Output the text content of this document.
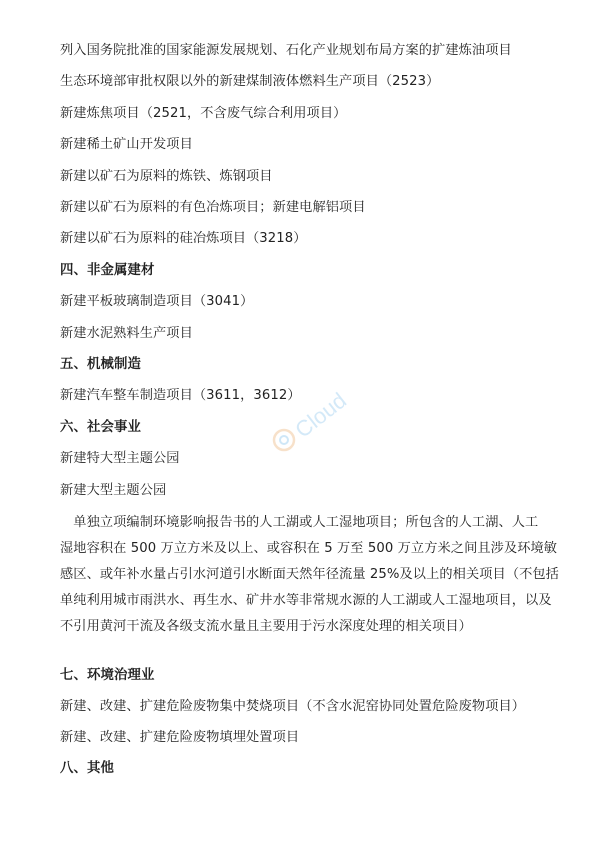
列入国务院批准的国家能源发展规划、石化产业规划布局方案的扩建炼油项目
生态环境部审批权限以外的新建煤制液体燃料生产项目（2523）
新建炼焦项目（2521，不含废气综合利用项目）
新建稀土矿山开发项目
新建以矿石为原料的炼铁、炼钢项目
新建以矿石为原料的有色冶炼项目；新建电解铝项目
新建以矿石为原料的硅冶炼项目（3218）
四、非金属建材
新建平板玻璃制造项目（3041）
新建水泥熟料生产项目
五、机械制造
新建汽车整车制造项目（3611，3612）
六、社会事业
新建特大型主题公园
新建大型主题公园
　单独立项编制环境影响报告书的人工湖或人工湿地项目；所包含的人工湖、人工
湿地容积在 500 万立方米及以上、或容积在 5 万至 500 万立方米之间且涉及环境敏
感区、或年补水量占引水河道引水断面天然年径流量 25%及以上的相关项目（不包括
单纯利用城市雨洪水、再生水、矿井水等非常规水源的人工湖或人工湿地项目，以及
不引用黄河干流及各级支流水量且主要用于污水深度处理的相关项目）
七、环境治理业
新建、改建、扩建危险废物集中焚烧项目（不含水泥窑协同处置危险废物项目）
新建、改建、扩建危险废物填埋处置项目
八、其他
Cloud
